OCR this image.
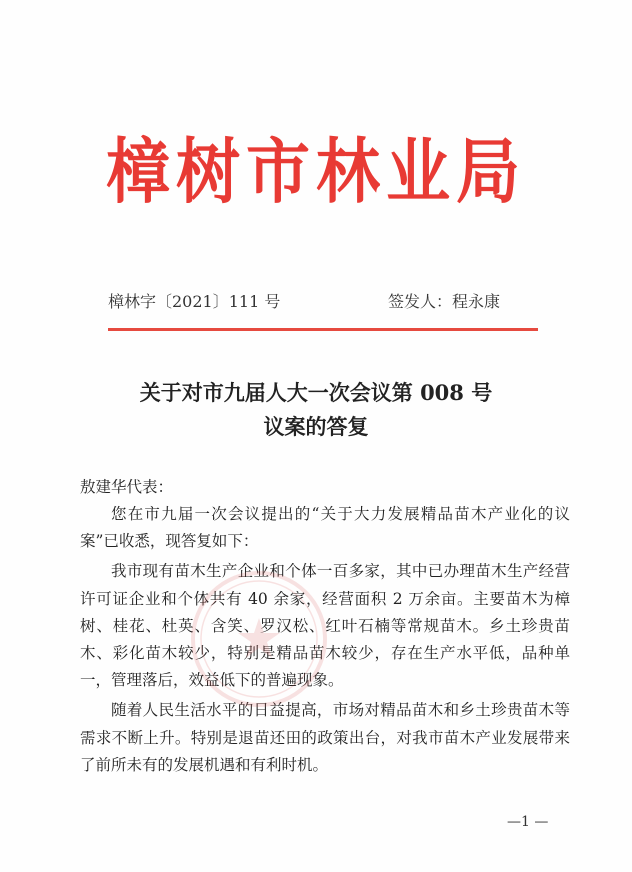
樟树市林业局
樟林字〔2021〕111 号	签发人：程永康
关于对市九届人大一次会议第 008 号
议案的答复
敖建华代表：

您在市九届一次会议提出的“关于大力发展精品苗木产业化的议案”已收悉，现答复如下：

我市现有苗木生产企业和个体一百多家，其中已办理苗木生产经营许可证企业和个体共有 40 余家，经营面积 2 万余亩。主要苗木为樟树、桂花、杜英、含笑、罗汉松、红叶石楠等常规苗木。乡土珍贵苗木、彩化苗木较少，特别是精品苗木较少，存在生产水平低，品种单一，管理落后，效益低下的普遍现象。

随着人民生活水平的日益提高，市场对精品苗木和乡土珍贵苗木等需求不断上升。特别是退苗还田的政策出台，对我市苗木产业发展带来了前所未有的发展机遇和有利时机。

—1 —
